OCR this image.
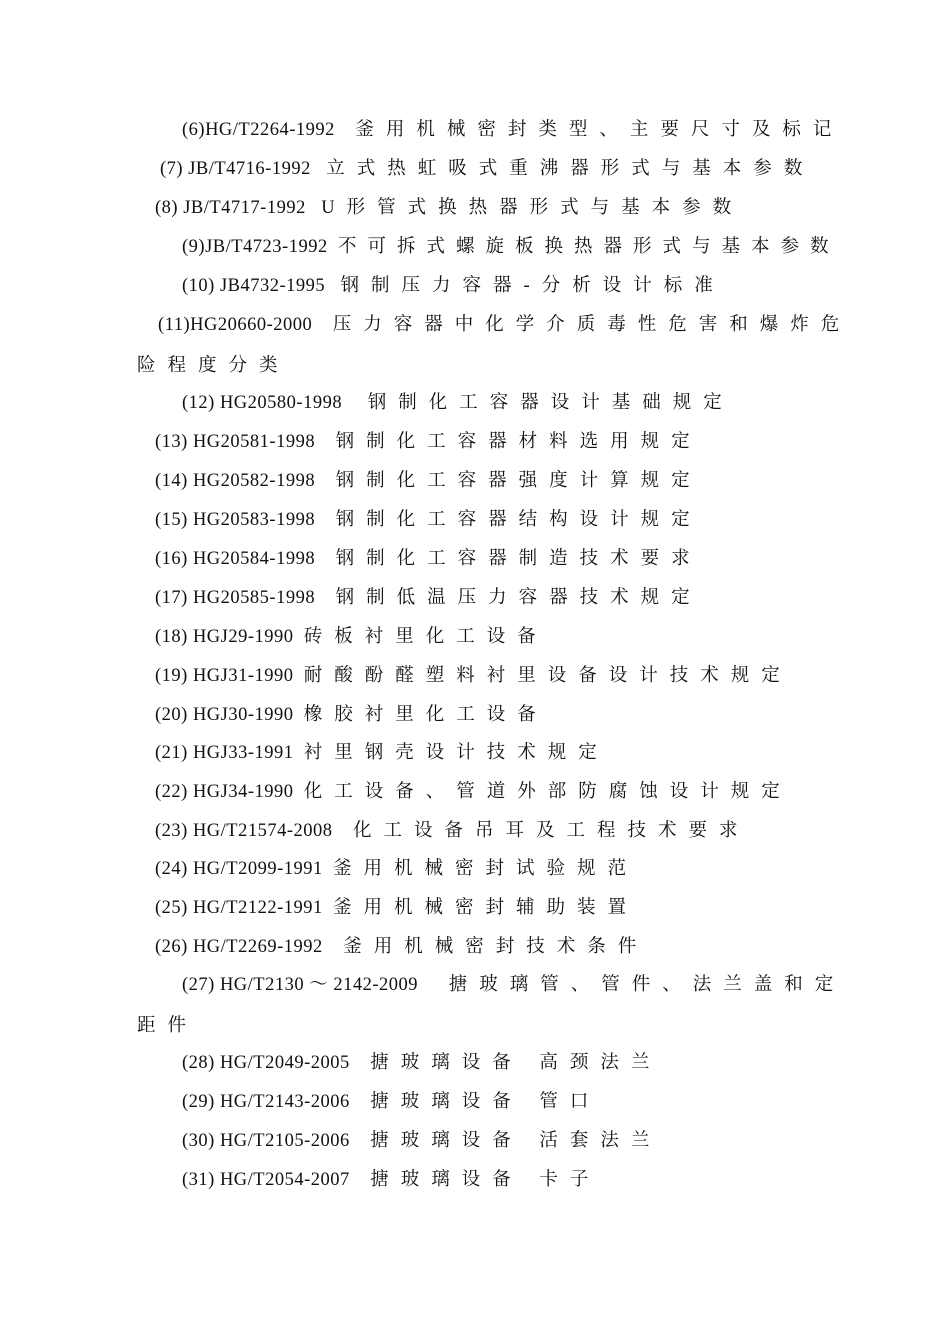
(6)HG/T2264-1992 釜用机械密封类型、主要尺寸及标记
(7) JB/T4716-1992 立式热虹吸式重沸器形式与基本参数
(8) JB/T4717-1992 U形管式换热器形式与基本参数
(9)JB/T4723-1992 不可拆式螺旋板换热器形式与基本参数
(10) JB4732-1995 钢制压力容器-分析设计标准
(11)HG20660-2000 压力容器中化学介质毒性危害和爆炸危
险程度分类
(12) HG20580-1998 钢制化工容器设计基础规定
(13) HG20581-1998 钢制化工容器材料选用规定
(14) HG20582-1998 钢制化工容器强度计算规定
(15) HG20583-1998 钢制化工容器结构设计规定
(16) HG20584-1998 钢制化工容器制造技术要求
(17) HG20585-1998 钢制低温压力容器技术规定
(18) HGJ29-1990 砖板衬里化工设备
(19) HGJ31-1990 耐酸酚醛塑料衬里设备设计技术规定
(20) HGJ30-1990 橡胶衬里化工设备
(21) HGJ33-1991 衬里钢壳设计技术规定
(22) HGJ34-1990 化工设备、管道外部防腐蚀设计规定
(23) HG/T21574-2008 化工设备吊耳及工程技术要求
(24) HG/T2099-1991 釜用机械密封试验规范
(25) HG/T2122-1991 釜用机械密封辅助装置
(26) HG/T2269-1992 釜用机械密封技术条件
(27) HG/T2130 ～ 2142-2009 搪玻璃管、管件、法兰盖和定
距件
(28) HG/T2049-2005 搪玻璃设备 高颈法兰
(29) HG/T2143-2006 搪玻璃设备 管口
(30) HG/T2105-2006 搪玻璃设备 活套法兰
(31) HG/T2054-2007 搪玻璃设备 卡子
